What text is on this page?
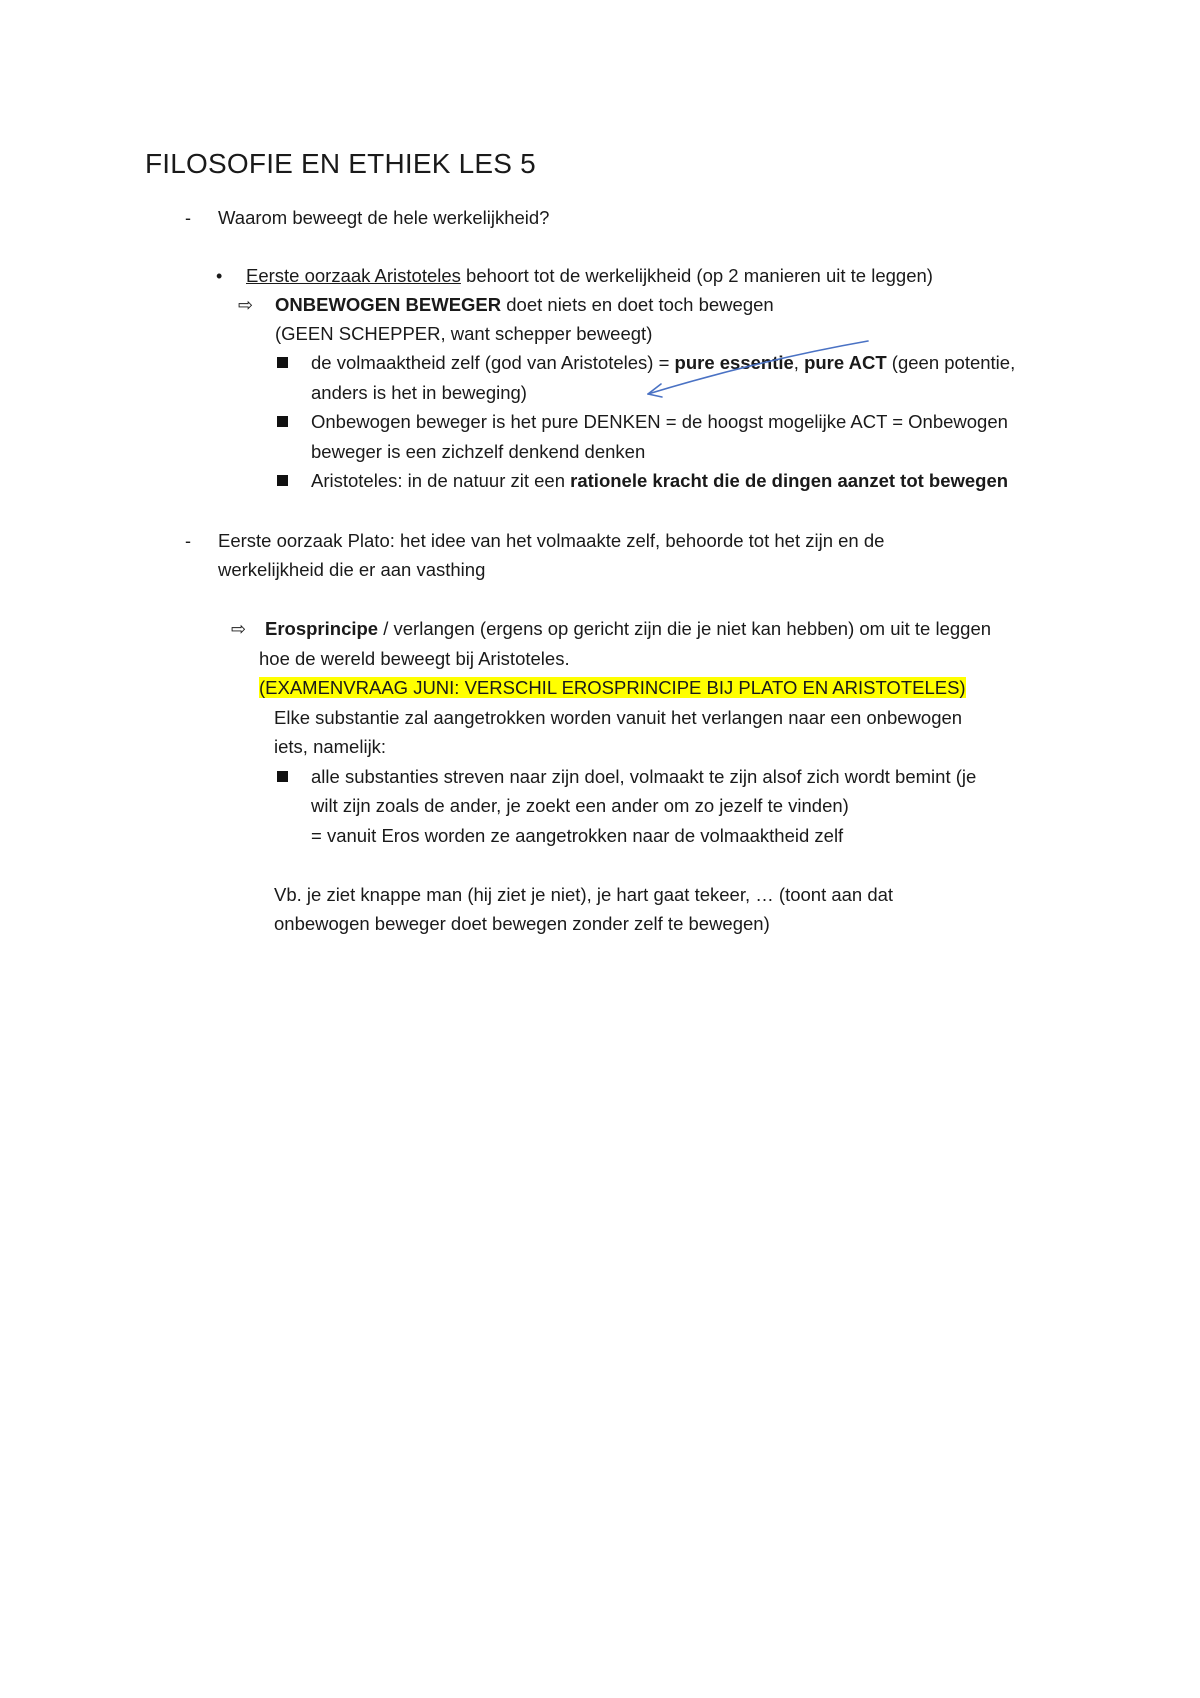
FILOSOFIE EN ETHIEK LES 5
- Waarom beweegt de hele werkelijkheid?
• Eerste oorzaak Aristoteles behoort tot de werkelijkheid (op 2 manieren uit te leggen)
⇨ ONBEWOGEN BEWEGER doet niets en doet toch bewegen
(GEEN SCHEPPER, want schepper beweegt)
de volmaaktheid zelf (god van Aristoteles) = pure essentie, pure ACT (geen potentie,
anders is het in beweging)
Onbewogen beweger is het pure DENKEN = de hoogst mogelijke ACT = Onbewogen
beweger is een zichzelf denkend denken
Aristoteles: in de natuur zit een rationele kracht die de dingen aanzet tot bewegen
- Eerste oorzaak Plato: het idee van het volmaakte zelf, behoorde tot het zijn en de
werkelijkheid die er aan vasthing
⇨ Erosprincipe / verlangen (ergens op gericht zijn die je niet kan hebben) om uit te leggen
hoe de wereld beweegt bij Aristoteles.
(EXAMENVRAAG JUNI: VERSCHIL EROSPRINCIPE BIJ PLATO EN ARISTOTELES)
Elke substantie zal aangetrokken worden vanuit het verlangen naar een onbewogen
iets, namelijk:
alle substanties streven naar zijn doel, volmaakt te zijn alsof zich wordt bemint (je
wilt zijn zoals de ander, je zoekt een ander om zo jezelf te vinden)
= vanuit Eros worden ze aangetrokken naar de volmaaktheid zelf
Vb. je ziet knappe man (hij ziet je niet), je hart gaat tekeer, … (toont aan dat
onbewogen beweger doet bewegen zonder zelf te bewegen)
